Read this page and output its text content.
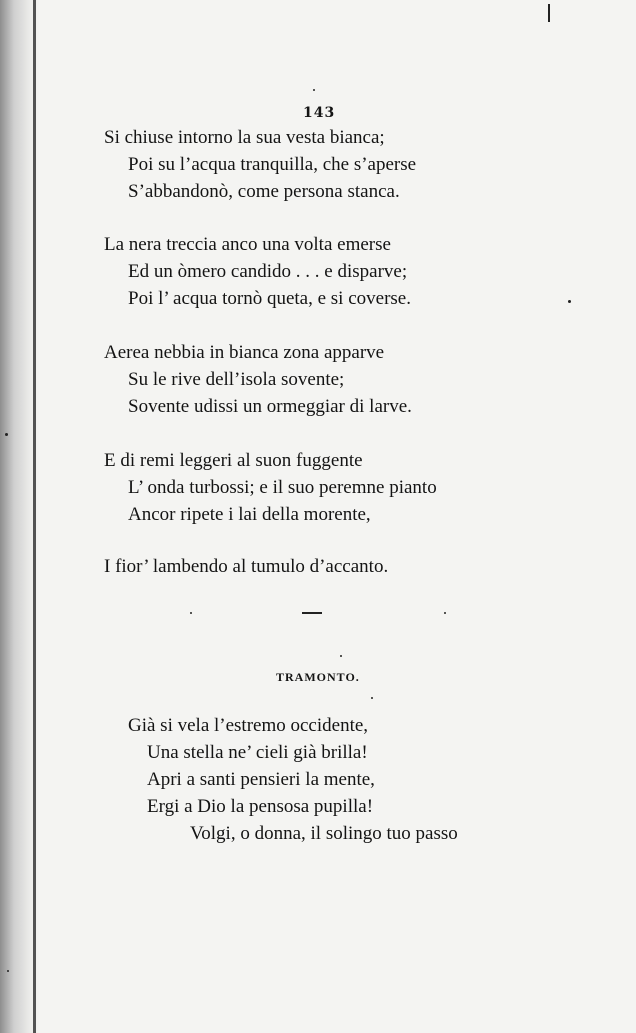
143
Si chiuse intorno la sua vesta bianca;
Poi su l’acqua tranquilla, che s’aperse
S’abbandonò, come persona stanca.
La nera treccia anco una volta emerse
Ed un òmero candido . . . e disparve;
Poi l’ acqua tornò queta, e si coverse.
Aerea nebbia in bianca zona apparve
Su le rive dell’isola sovente;
Sovente udissi un ormeggiar di larve.
E di remi leggeri al suon fuggente
L’ onda turbossi; e il suo peremne pianto
Ancor ripete i lai della morente,
I fior’ lambendo al tumulo d’accanto.
TRAMONTO.
Già si vela l’estremo occidente,
Una stella ne’ cieli già brilla!
Apri a santi pensieri la mente,
Ergi a Dio la pensosa pupilla!
Volgi, o donna, il solingo tuo passo
